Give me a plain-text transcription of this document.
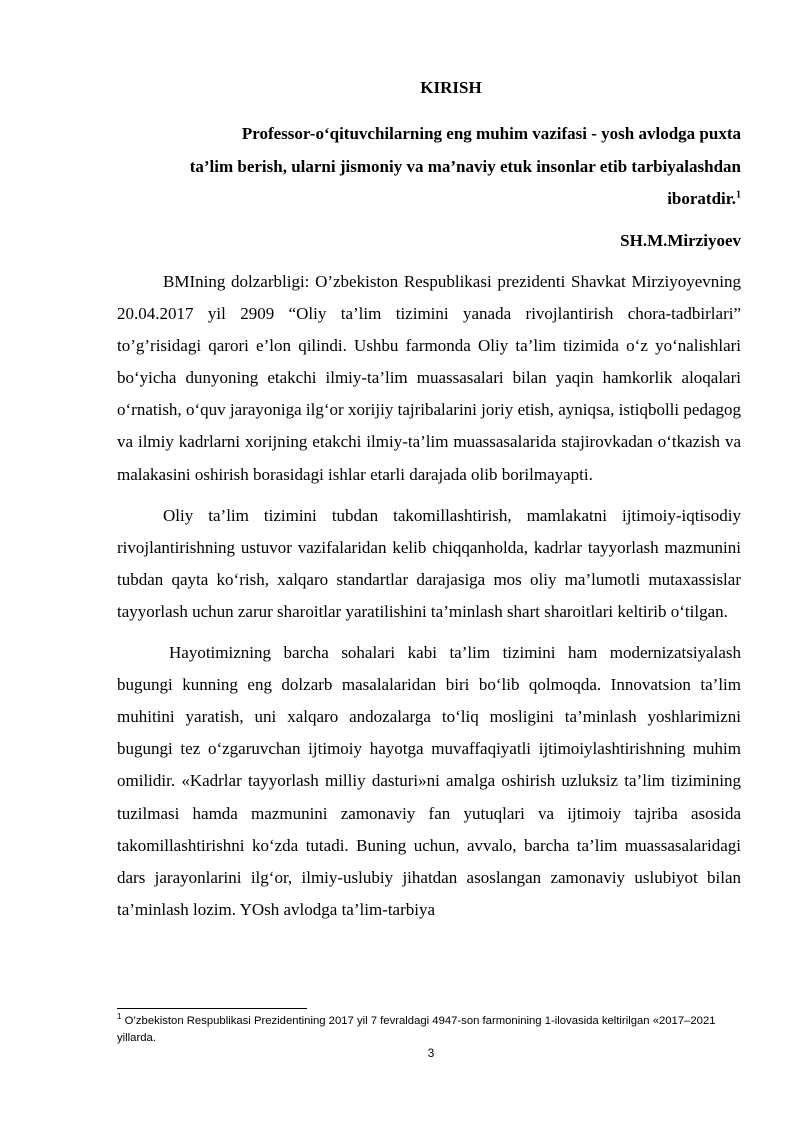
KIRISH
Professor-o‘qituvchilarning eng muhim vazifasi - yosh avlodga puxta
ta’lim berish, ularni jismoniy va ma’naviy etuk insonlar etib tarbiyalashdan
iboratdir.$^1$
SH.M.Mirziyoev

BMIning dolzarbligi: O’zbekiston Respublikasi prezidenti Shavkat Mirziyoyevning 20.04.2017 yil 2909 “Oliy ta’lim tizimini yanada rivojlantirish chora-tadbirlari” to’g’risidagi qarori e’lon qilindi. Ushbu farmonda Oliy ta’lim tizimida o‘z yo‘nalishlari bo‘yicha dunyoning etakchi ilmiy-ta’lim muassasalari bilan yaqin hamkorlik aloqalari o‘rnatish, o‘quv jarayoniga ilg‘or xorijiy tajribalarini joriy etish, ayniqsa, istiqbolli pedagog va ilmiy kadrlarni xorijning etakchi ilmiy-ta’lim muassasalarida stajirovkadan o‘tkazish va malakasini oshirish borasidagi ishlar etarli darajada olib borilmayapti.

Oliy ta’lim tizimini tubdan takomillashtirish, mamlakatni ijtimoiy-iqtisodiy rivojlantirishning ustuvor vazifalaridan kelib chiqqanholda, kadrlar tayyorlash mazmunini tubdan qayta ko‘rish, xalqaro standartlar darajasiga mos oliy ma’lumotli mutaxassislar tayyorlash uchun zarur sharoitlar yaratilishini ta’minlash shart sharoitlari keltirib o‘tilgan.

Hayotimizning barcha sohalari kabi ta’lim tizimini ham modernizatsiyalash bugungi kunning eng dolzarb masalalaridan biri bo‘lib qolmoqda. Innovatsion ta’lim muhitini yaratish, uni xalqaro andozalarga to‘liq mosligini ta’minlash yoshlarimizni bugungi tez o‘zgaruvchan ijtimoiy hayotga muvaffaqiyatli ijtimoiylashtirishning muhim omilidir. «Kadrlar tayyorlash milliy dasturi»ni amalga oshirish uzluksiz ta’lim tizimining tuzilmasi hamda mazmunini zamonaviy fan yutuqlari va ijtimoiy tajriba asosida takomillashtirishni ko‘zda tutadi. Buning uchun, avvalo, barcha ta’lim muassasalaridagi dars jarayonlarini ilg‘or, ilmiy-uslubiy jihatdan asoslangan zamonaviy uslubiyot bilan ta’minlash lozim. YOsh avlodga ta’lim-tarbiya

$^1$ O’zbekiston Respublikasi Prezidentining 2017 yil 7 fevraldagi 4947-son farmonining 1-ilovasida keltirilgan «2017–2021 yillarda.
3
